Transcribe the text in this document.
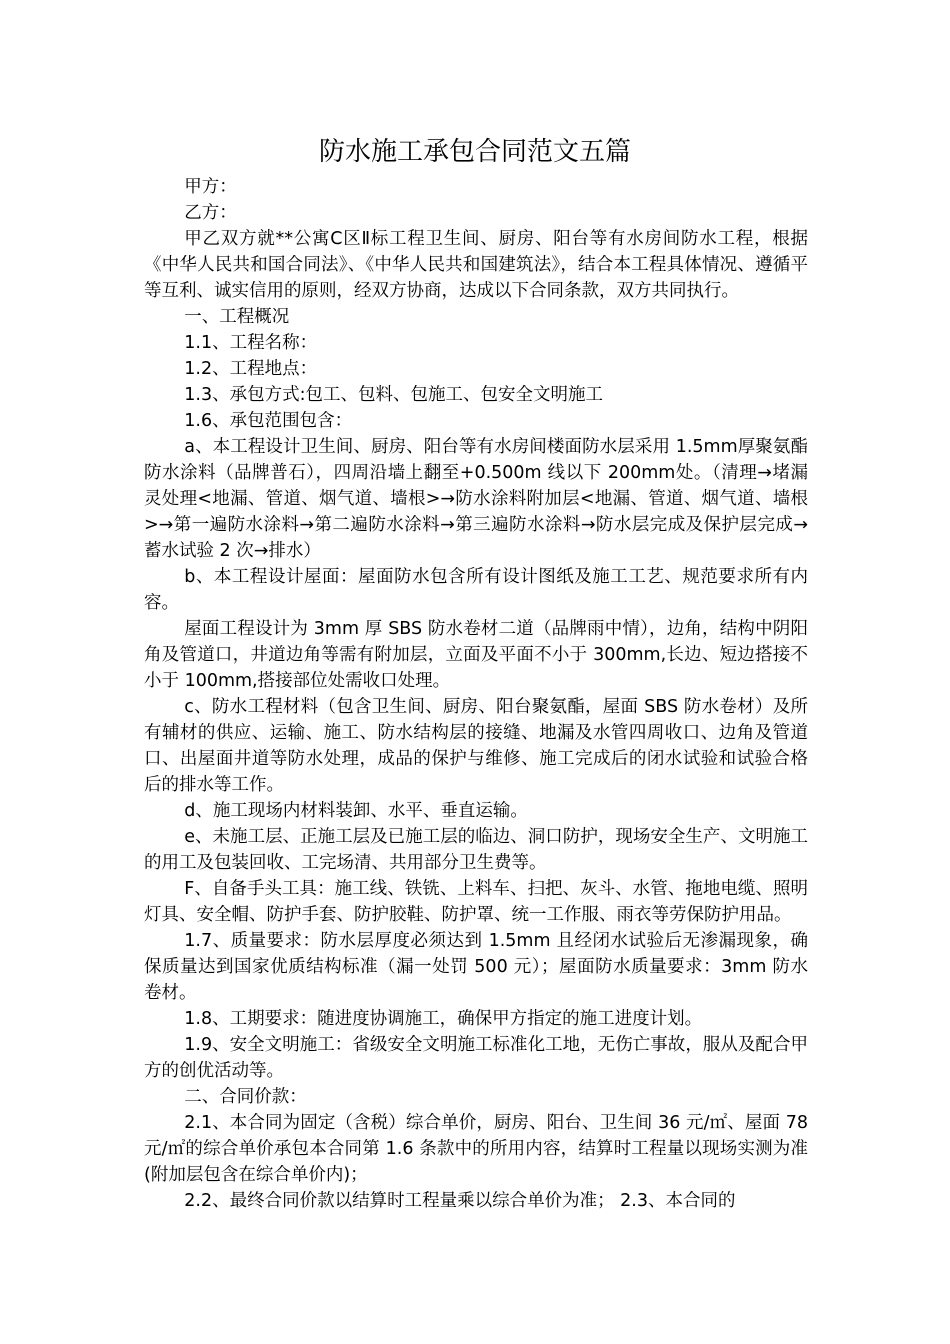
防水施工承包合同范文五篇

甲方：

乙方：

甲乙双方就**公寓C区Ⅱ标工程卫生间、厨房、阳台等有水房间防水工程，根据《中华人民共和国合同法》、《中华人民共和国建筑法》，结合本工程具体情况、遵循平等互利、诚实信用的原则，经双方协商，达成以下合同条款，双方共同执行。

一、工程概况

1.1、工程名称：

1.2、工程地点：

1.3、承包方式:包工、包料、包施工、包安全文明施工

1.6、承包范围包含：

a、本工程设计卫生间、厨房、阳台等有水房间楼面防水层采用 1.5mm厚聚氨酯防水涂料（品牌普石），四周沿墙上翻至+0.500m 线以下 200mm处。（清理→堵漏灵处理<地漏、管道、烟气道、墙根>→防水涂料附加层<地漏、管道、烟气道、墙根>→第一遍防水涂料→第二遍防水涂料→第三遍防水涂料→防水层完成及保护层完成→蓄水试验 2 次→排水）

b、本工程设计屋面：屋面防水包含所有设计图纸及施工工艺、规范要求所有内容。

屋面工程设计为 3mm 厚 SBS 防水卷材二道（品牌雨中情），边角，结构中阴阳角及管道口，井道边角等需有附加层，立面及平面不小于 300mm,长边、短边搭接不小于 100mm,搭接部位处需收口处理。

c、防水工程材料（包含卫生间、厨房、阳台聚氨酯，屋面 SBS 防水卷材）及所有辅材的供应、运输、施工、防水结构层的接缝、地漏及水管四周收口、边角及管道口、出屋面井道等防水处理，成品的保护与维修、施工完成后的闭水试验和试验合格后的排水等工作。

d、施工现场内材料装卸、水平、垂直运输。

e、未施工层、正施工层及已施工层的临边、洞口防护，现场安全生产、文明施工的用工及包装回收、工完场清、共用部分卫生费等。

F、自备手头工具：施工线、铁铣、上料车、扫把、灰斗、水管、拖地电缆、照明灯具、安全帽、防护手套、防护胶鞋、防护罩、统一工作服、雨衣等劳保防护用品。

1.7、质量要求：防水层厚度必须达到 1.5mm 且经闭水试验后无渗漏现象，确保质量达到国家优质结构标准（漏一处罚 500 元）；屋面防水质量要求：3mm 防水卷材。

1.8、工期要求：随进度协调施工，确保甲方指定的施工进度计划。

1.9、安全文明施工：省级安全文明施工标准化工地，无伤亡事故，服从及配合甲方的创优活动等。

二、合同价款：

2.1、本合同为固定（含税）综合单价，厨房、阳台、卫生间 36 元/㎡、屋面 78 元/㎡的综合单价承包本合同第 1.6 条款中的所用内容，结算时工程量以现场实测为准(附加层包含在综合单价内)；

2.2、最终合同价款以结算时工程量乘以综合单价为准； 2.3、本合同的
